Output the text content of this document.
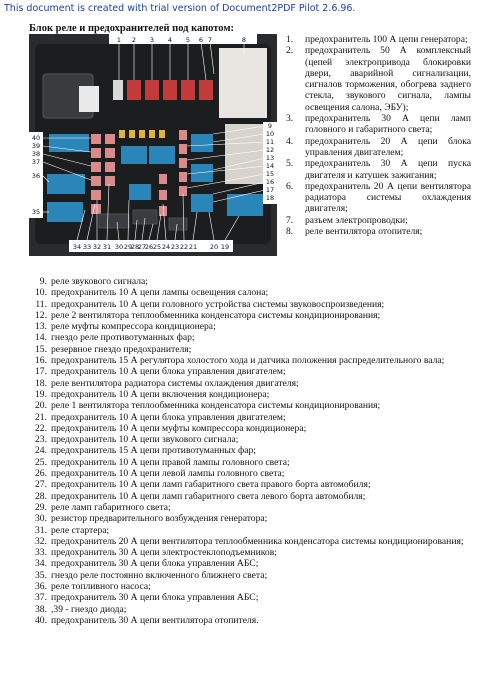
This document is created with trial version of Document2PDF Pilot 2.6.96.
Блок реле и предохранителей под капотом:
1 2 3 4 5 6 7	8
40
39
38
37
36
35
9
10
11
12
13
14
15
16
17
18
34 33 32 31 30 29
28
27
26 25 24 23 22 21 20 19
1.	предохранитель 100 А цепи генератора;
2.	предохранитель 50 А комплексный (цепей электропривода блокировки двери, аварийной сигнализации, сигналов торможения, обогрева заднего стекла, звукового сигнала, лампы освещения салона, ЭБУ);
3.	предохранитель 30 А цепи ламп головного и габаритного света;
4.	предохранитель 20 А цепи блока управления двигателем;
5.	предохранитель 30 А цепи пуска двигателя и катушек зажигания;
6.	предохранитель 20 А цепи вентилятора радиатора системы охлаждения двигателя;
7.	разъем электропроводки;
8.	реле вентилятора отопителя;
9. реле звукового сигнала;
10. предохранитель 10 А цепи лампы освещения салона;
11. предохранитель 10 А цепи головного устройства системы звуковоспроизведения;
12. реле 2 вентилятора теплообменника конденсатора системы кондиционирования;
13. реле муфты компрессора кондиционера;
14. гнездо реле противотуманных фар;
15. резервное гнездо предохранителя;
16. предохранитель 15 А регулятора холостого хода и датчика положения распределительного вала;
17. предохранитель 10 А цепи блока управления двигателем;
18. реле вентилятора радиатора системы охлаждения двигателя;
19. предохранитель 10 А цепи включения кондиционера;
20. реле 1 вентилятора теплообменника конденсатора системы кондиционирования;
21. предохранитель 10 А цепи блока управления двигателем;
22. предохранитель 10 А цепи муфты компрессора кондиционера;
23. предохранитель 10 А цепи звукового сигнала;
24. предохранитель 15 А цепи противотуманных фар;
25. предохранитель 10 А цепи правой лампы головного света;
26. предохранитель 10 А цепи левой лампы головного света;
27. предохранитель 10 А цепи ламп габаритного света правого борта автомобиля;
28. предохранитель 10 А цепи ламп габаритного света левого борта автомобиля;
29. реле ламп габаритного света;
30. резистор предварительного возбуждения генератора;
31. реле стартера;
32. предохранитель 20 А цепи вентилятора теплообменника конденсатора системы кондиционирования;
33. предохранитель 30 А цепи электростеклоподъемников;
34. предохранитель 30 А цепи блока управления АБС;
35. гнездо реле постоянно включенного ближнего света;
36. реле топливного насоса;
37. предохранитель 30 А цепи блока управления АБС;
38. ,39 - гнездо диода;
40. предохранитель 30 А цепи вентилятора отопителя.
